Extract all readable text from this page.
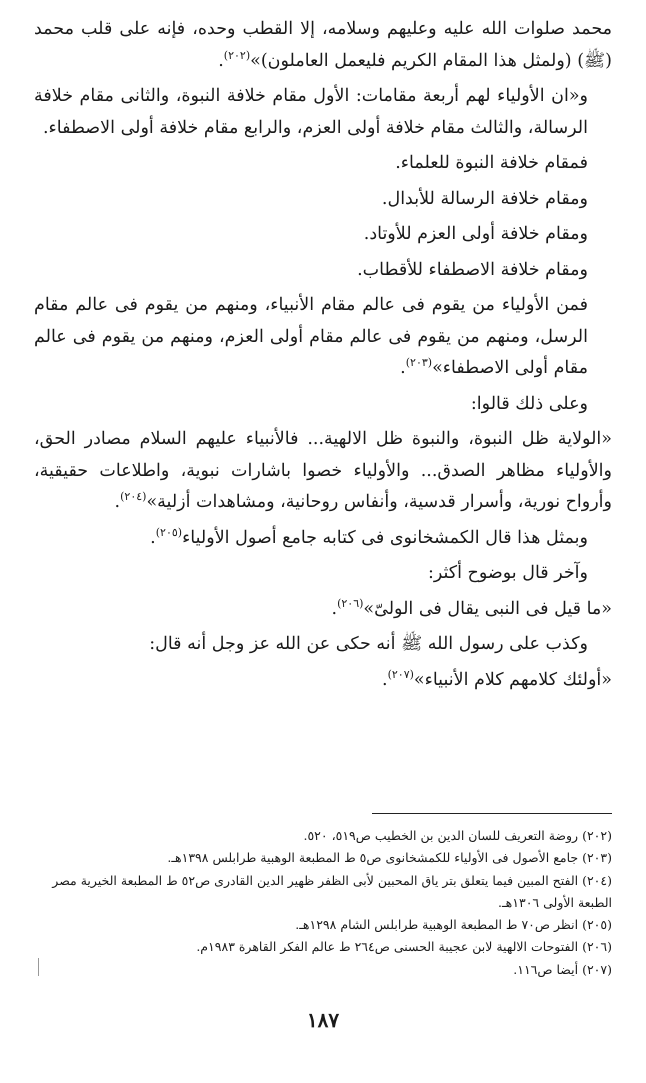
محمد صلوات الله عليه وعليهم وسلامه، إلا القطب وحده، فإنه على قلب محمد (ﷺ) (ولمثل هذا المقام الكريم فليعمل العاملون)»$^{(٢٠٢)}$.

و«ان الأولياء لهم أربعة مقامات: الأول مقام خلافة النبوة، والثانى مقام خلافة الرسالة، والثالث مقام خلافة أولى العزم، والرابع مقام خلافة أولى الاصطفاء.

فمقام خلافة النبوة للعلماء.

ومقام خلافة الرسالة للأبدال.

ومقام خلافة أولى العزم للأوتاد.

ومقام خلافة الاصطفاء للأقطاب.

فمن الأولياء من يقوم فى عالم مقام الأنبياء، ومنهم من يقوم فى عالم مقام الرسل، ومنهم من يقوم فى عالم مقام أولى العزم، ومنهم من يقوم فى عالم مقام أولى الاصطفاء»$^{(٢٠٣)}$.

وعلى ذلك قالوا:

«الولاية ظل النبوة، والنبوة ظل الالهية... فالأنبياء عليهم السلام مصادر الحق، والأولياء مظاهر الصدق... والأولياء خصوا باشارات نبوية، واطلاعات حقيقية، وأرواح نورية، وأسرار قدسية، وأنفاس روحانية، ومشاهدات أزلية»$^{(٢٠٤)}$.

وبمثل هذا قال الكمشخانوى فى كتابه جامع أصول الأولياء$^{(٢٠٥)}$.

وآخر قال بوضوح أكثر:

«ما قيل فى النبى يقال فى الولىّ»$^{(٢٠٦)}$.

وكذب على رسول الله ﷺ أنه حكى عن الله عز وجل أنه قال:

«أولئك كلامهم كلام الأنبياء»$^{(٢٠٧)}$.

(٢٠٢) روضة التعريف للسان الدين بن الخطيب ص٥١٩، ٥٢٠.
(٢٠٣) جامع الأصول فى الأولياء للكمشخانوى ص٥ ط المطبعة الوهبية طرابلس ١٣٩٨هـ.
(٢٠٤) الفتح المبين فيما يتعلق بتر ياق المحبين لأبى الظفر ظهير الدين القادرى ص٥٢ ط المطبعة الخيرية مصر الطبعة الأولى ١٣٠٦هـ.
(٢٠٥) انظر ص٧٠ ط المطبعة الوهبية طرابلس الشام ١٢٩٨هـ.
(٢٠٦) الفتوحات الالهية لابن عجيبة الحسنى ص٢٦٤ ط عالم الفكر القاهرة ١٩٨٣م.
(٢٠٧) أيضا ص١١٦.
١٨٧
